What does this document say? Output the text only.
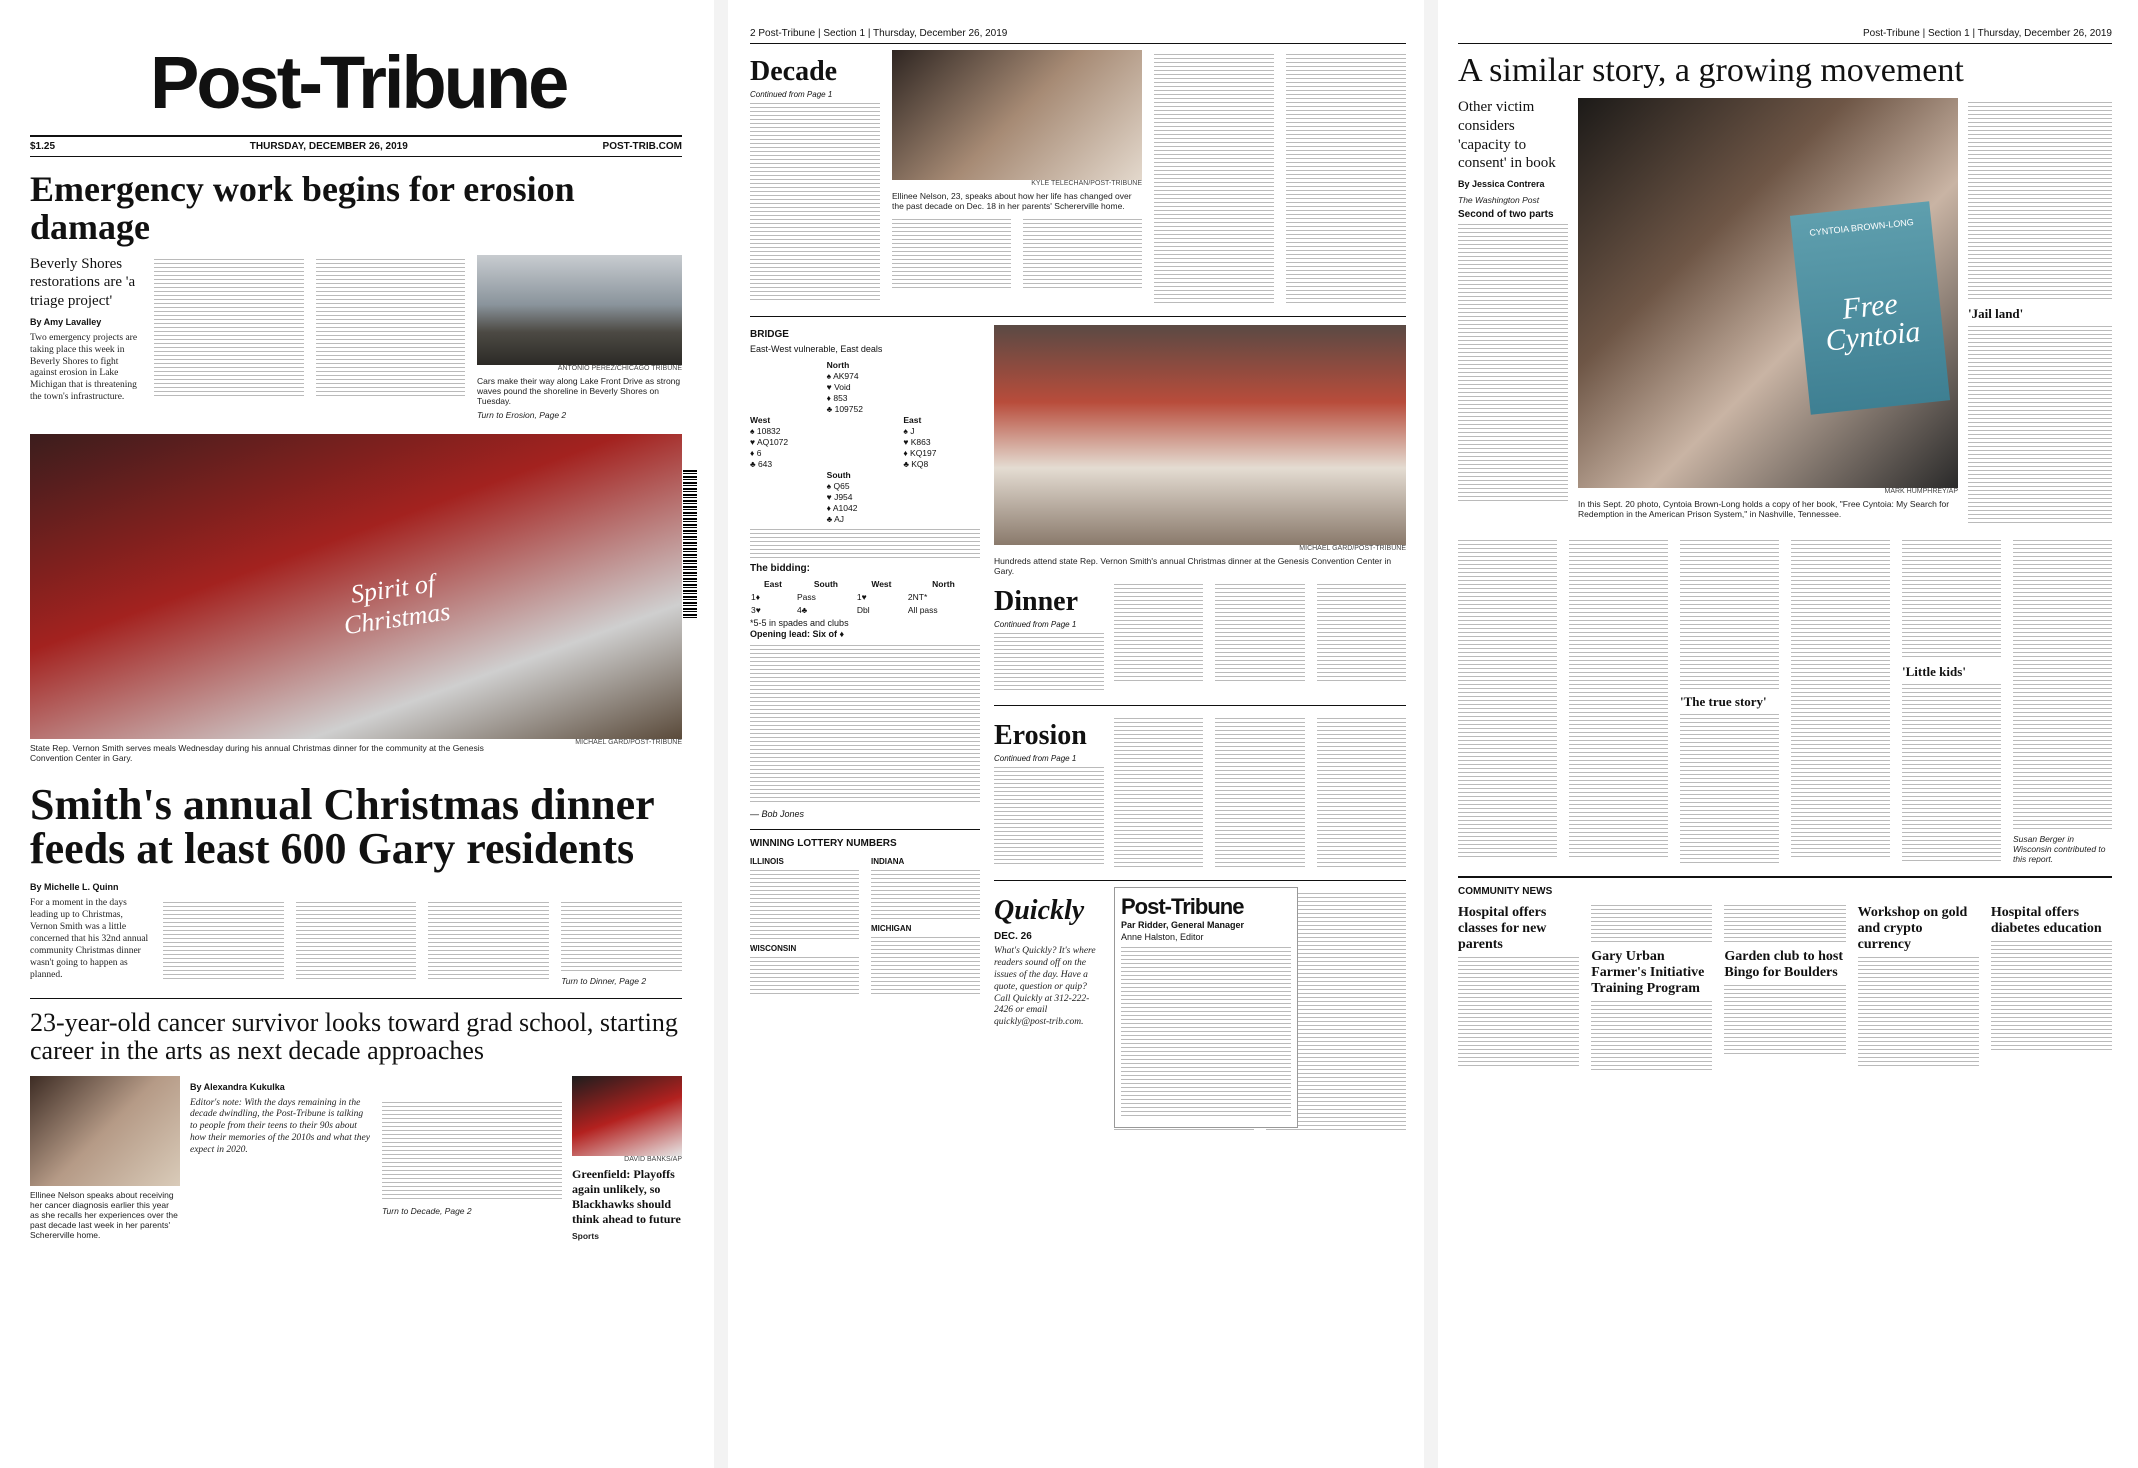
Post-Tribune
$1.25	THURSDAY, DECEMBER 26, 2019	POST-TRIB.COM
Emergency work begins for erosion damage
Beverly Shores restorations are 'a triage project'
By Amy Lavalley
Two emergency projects are taking place this week in Beverly Shores to fight against erosion in Lake Michigan that is threatening the town's infrastructure.
ANTONIO PEREZ/CHICAGO TRIBUNE
Cars make their way along Lake Front Drive as strong waves pound the shoreline in Beverly Shores on Tuesday.
Turn to Erosion, Page 2
Spirit of Christmas
State Rep. Vernon Smith serves meals Wednesday during his annual Christmas dinner for the community at the Genesis Convention Center in Gary.
MICHAEL GARD/POST-TRIBUNE
Smith's annual Christmas dinner feeds at least 600 Gary residents
By Michelle L. Quinn
For a moment in the days leading up to Christmas, Vernon Smith was a little concerned that his 32nd annual community Christmas dinner wasn't going to happen as planned.
Turn to Dinner, Page 2
23-year-old cancer survivor looks toward grad school, starting career in the arts as next decade approaches
Ellinee Nelson speaks about receiving her cancer diagnosis earlier this year as she recalls her experiences over the past decade last week in her parents' Schererville home.
By Alexandra Kukulka
Editor's note: With the days remaining in the decade dwindling, the Post-Tribune is talking to people from their teens to their 90s about how their memories of the 2010s and what they expect in 2020.
Turn to Decade, Page 2
DAVID BANKS/AP
Greenfield: Playoffs again unlikely, so Blackhawks should think ahead to future
Sports
2 Post-Tribune | Section 1 | Thursday, December 26, 2019
Decade
Continued from Page 1
KYLE TELECHAN/POST-TRIBUNE
Ellinee Nelson, 23, speaks about how her life has changed over the past decade on Dec. 18 in her parents' Schererville home.
BRIDGE
East-West vulnerable, East deals
North
♠ AK974
♥ Void
♦ 853
♣ 109752
West
♠ 10832
♥ AQ1072
♦ 6
♣ 643
East
♠ J
♥ K863
♦ KQ197
♣ KQ8
South
♠ Q65
♥ J954
♦ A1042
♣ AJ
The bidding:
East	South	West	North
1♦	Pass	1♥	2NT*
3♥	4♣	Dbl	All pass
*5-5 in spades and clubs
Opening lead: Six of ♦
— Bob Jones
WINNING LOTTERY NUMBERS
ILLINOIS
WISCONSIN
INDIANA
MICHIGAN
MICHAEL GARD/POST-TRIBUNE
Hundreds attend state Rep. Vernon Smith's annual Christmas dinner at the Genesis Convention Center in Gary.
Dinner
Continued from Page 1
Erosion
Continued from Page 1
Quickly
DEC. 26
What's Quickly? It's where readers sound off on the issues of the day. Have a quote, question or quip? Call Quickly at 312-222-2426 or email quickly@post-trib.com.
Post-Tribune
Par Ridder, General Manager
Anne Halston, Editor
Post-Tribune | Section 1 | Thursday, December 26, 2019
A similar story, a growing movement
Other victim considers 'capacity to consent' in book
By Jessica Contrera
The Washington Post
Second of two parts
CYNTOIA BROWN-LONG
Free Cyntoia
MARK HUMPHREY/AP
In this Sept. 20 photo, Cyntoia Brown-Long holds a copy of her book, "Free Cyntoia: My Search for Redemption in the American Prison System," in Nashville, Tennessee.
'Jail land'
'The true story'
'Little kids'
Susan Berger in Wisconsin contributed to this report.
COMMUNITY NEWS
Hospital offers classes for new parents
Gary Urban Farmer's Initiative Training Program
Garden club to host Bingo for Boulders
Workshop on gold and crypto currency
Hospital offers diabetes education
